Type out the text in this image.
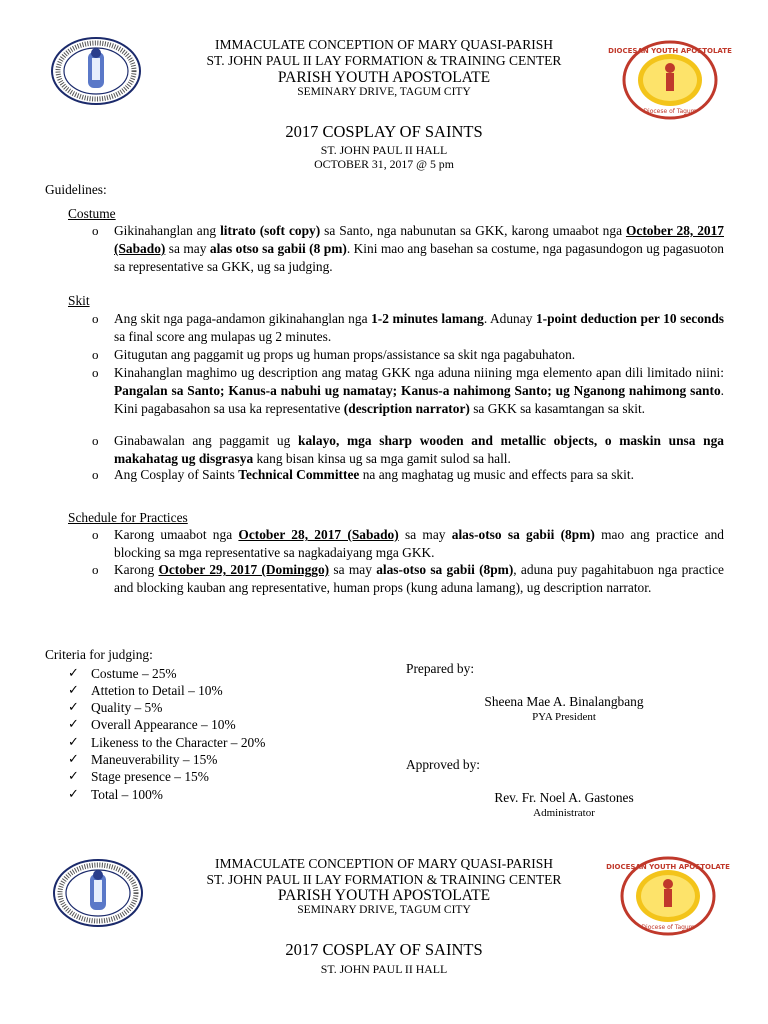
DIOCESAN YOUTH APOSTOLATE
Diocese of Tagum
IMMACULATE CONCEPTION OF MARY QUASI-PARISH
ST. JOHN PAUL II LAY FORMATION & TRAINING CENTER
PARISH YOUTH APOSTOLATE
SEMINARY DRIVE, TAGUM CITY
2017 COSPLAY OF SAINTS
ST. JOHN PAUL II HALL
OCTOBER 31, 2017 @ 5 pm
Guidelines:
Costume
o Gikinahanglan ang litrato (soft copy) sa Santo, nga nabunutan sa GKK, karong umaabot nga October 28, 2017 (Sabado) sa may alas otso sa gabii (8 pm). Kini mao ang basehan sa costume, nga pagasundogon ug pagasuoton sa representative sa GKK, ug sa judging.
Skit
o Ang skit nga paga-andamon gikinahanglan nga 1-2 minutes lamang. Adunay 1-point deduction per 10 seconds sa final score ang mulapas ug 2 minutes.
o Gitugutan ang paggamit ug props ug human props/assistance sa skit nga pagabuhaton.
o Kinahanglan maghimo ug description ang matag GKK nga aduna niining mga elemento apan dili limitado niini: Pangalan sa Santo; Kanus-a nabuhi ug namatay; Kanus-a nahimong Santo; ug Nganong nahimong santo. Kini pagabasahon sa usa ka representative (description narrator) sa GKK sa kasamtangan sa skit.
o Ginabawalan ang paggamit ug kalayo, mga sharp wooden and metallic objects, o maskin unsa nga makahatag ug disgrasya kang bisan kinsa ug sa mga gamit sulod sa hall.
o Ang Cosplay of Saints Technical Committee na ang maghatag ug music and effects para sa skit.
Schedule for Practices
o Karong umaabot nga October 28, 2017 (Sabado) sa may alas-otso sa gabii (8pm) mao ang practice and blocking sa mga representative sa nagkadaiyang mga GKK.
o Karong October 29, 2017 (Dominggo) sa may alas-otso sa gabii (8pm), aduna puy pagahitabuon nga practice and blocking kauban ang representative, human props (kung aduna lamang), ug description narrator.
Criteria for judging:
✓ Costume – 25%
✓ Attetion to Detail – 10%
✓ Quality – 5%
✓ Overall Appearance – 10%
✓ Likeness to the Character – 20%
✓ Maneuverability – 15%
✓ Stage presence – 15%
✓ Total – 100%
Prepared by:
Sheena Mae A. Binalangbang
PYA President
Approved by:
Rev. Fr. Noel A. Gastones
Administrator
DIOCESAN YOUTH APOSTOLATE
Diocese of Tagum
IMMACULATE CONCEPTION OF MARY QUASI-PARISH
ST. JOHN PAUL II LAY FORMATION & TRAINING CENTER
PARISH YOUTH APOSTOLATE
SEMINARY DRIVE, TAGUM CITY
2017 COSPLAY OF SAINTS
ST. JOHN PAUL II HALL
